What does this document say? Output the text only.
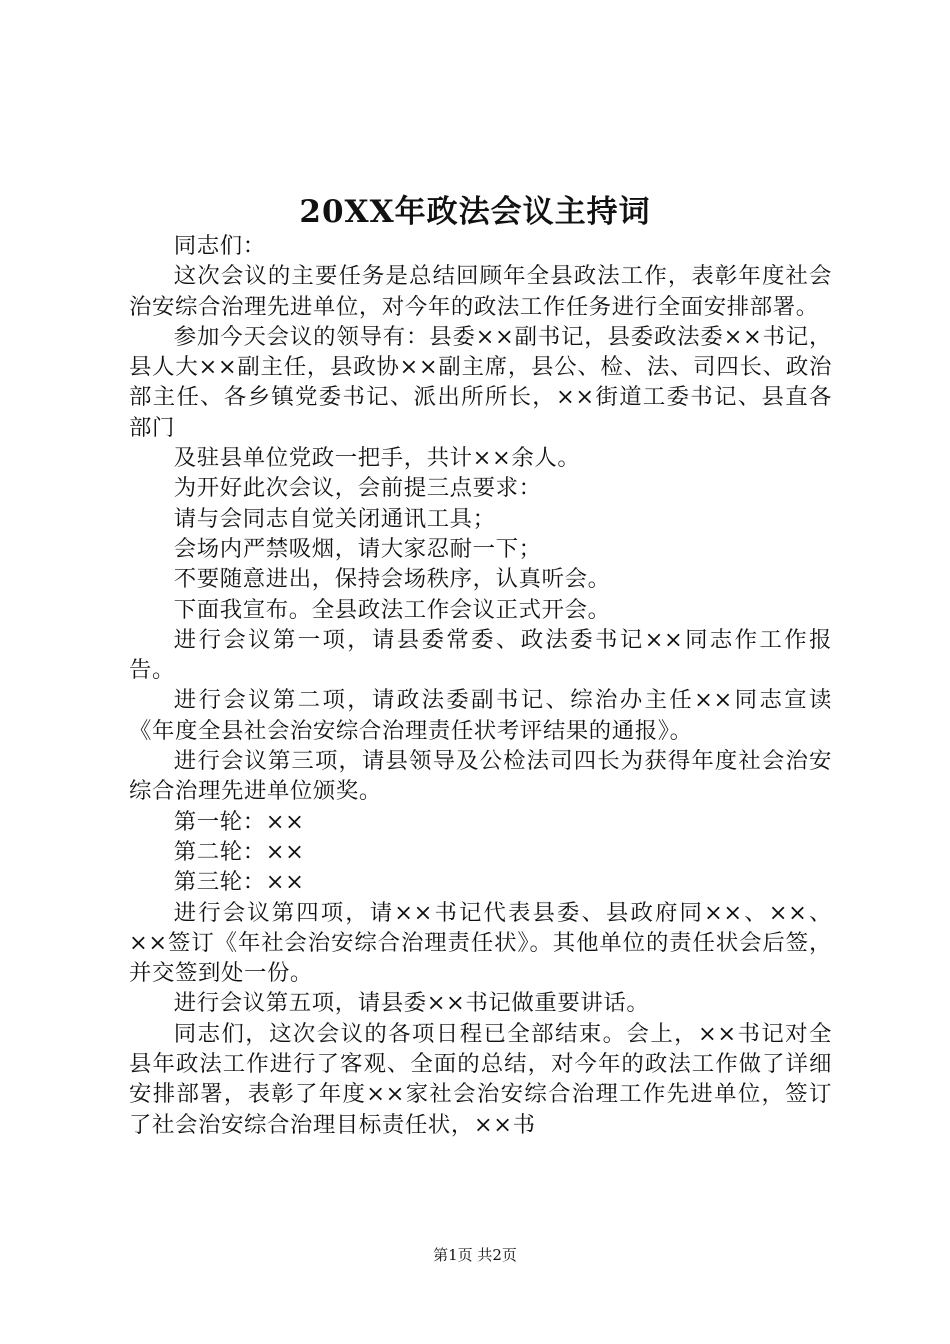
20XX年政法会议主持词

同志们：

这次会议的主要任务是总结回顾年全县政法工作，表彰年度社会治安综合治理先进单位，对今年的政法工作任务进行全面安排部署。

参加今天会议的领导有：县委××副书记，县委政法委××书记，县人大××副主任，县政协××副主席，县公、检、法、司四长、政治部主任、各乡镇党委书记、派出所所长，××街道工委书记、县直各部门

及驻县单位党政一把手，共计××余人。

为开好此次会议，会前提三点要求：

请与会同志自觉关闭通讯工具；

会场内严禁吸烟，请大家忍耐一下；

不要随意进出，保持会场秩序，认真听会。

下面我宣布。全县政法工作会议正式开会。

进行会议第一项，请县委常委、政法委书记××同志作工作报告。

进行会议第二项，请政法委副书记、综治办主任××同志宣读《年度全县社会治安综合治理责任状考评结果的通报》。

进行会议第三项，请县领导及公检法司四长为获得年度社会治安综合治理先进单位颁奖。

第一轮：××

第二轮：××

第三轮：××

进行会议第四项，请××书记代表县委、县政府同××、××、××签订《年社会治安综合治理责任状》。其他单位的责任状会后签，并交签到处一份。

进行会议第五项，请县委××书记做重要讲话。

同志们，这次会议的各项日程已全部结束。会上，××书记对全县年政法工作进行了客观、全面的总结，对今年的政法工作做了详细安排部署，表彰了年度××家社会治安综合治理工作先进单位，签订了社会治安综合治理目标责任状，××书

第1页 共2页
